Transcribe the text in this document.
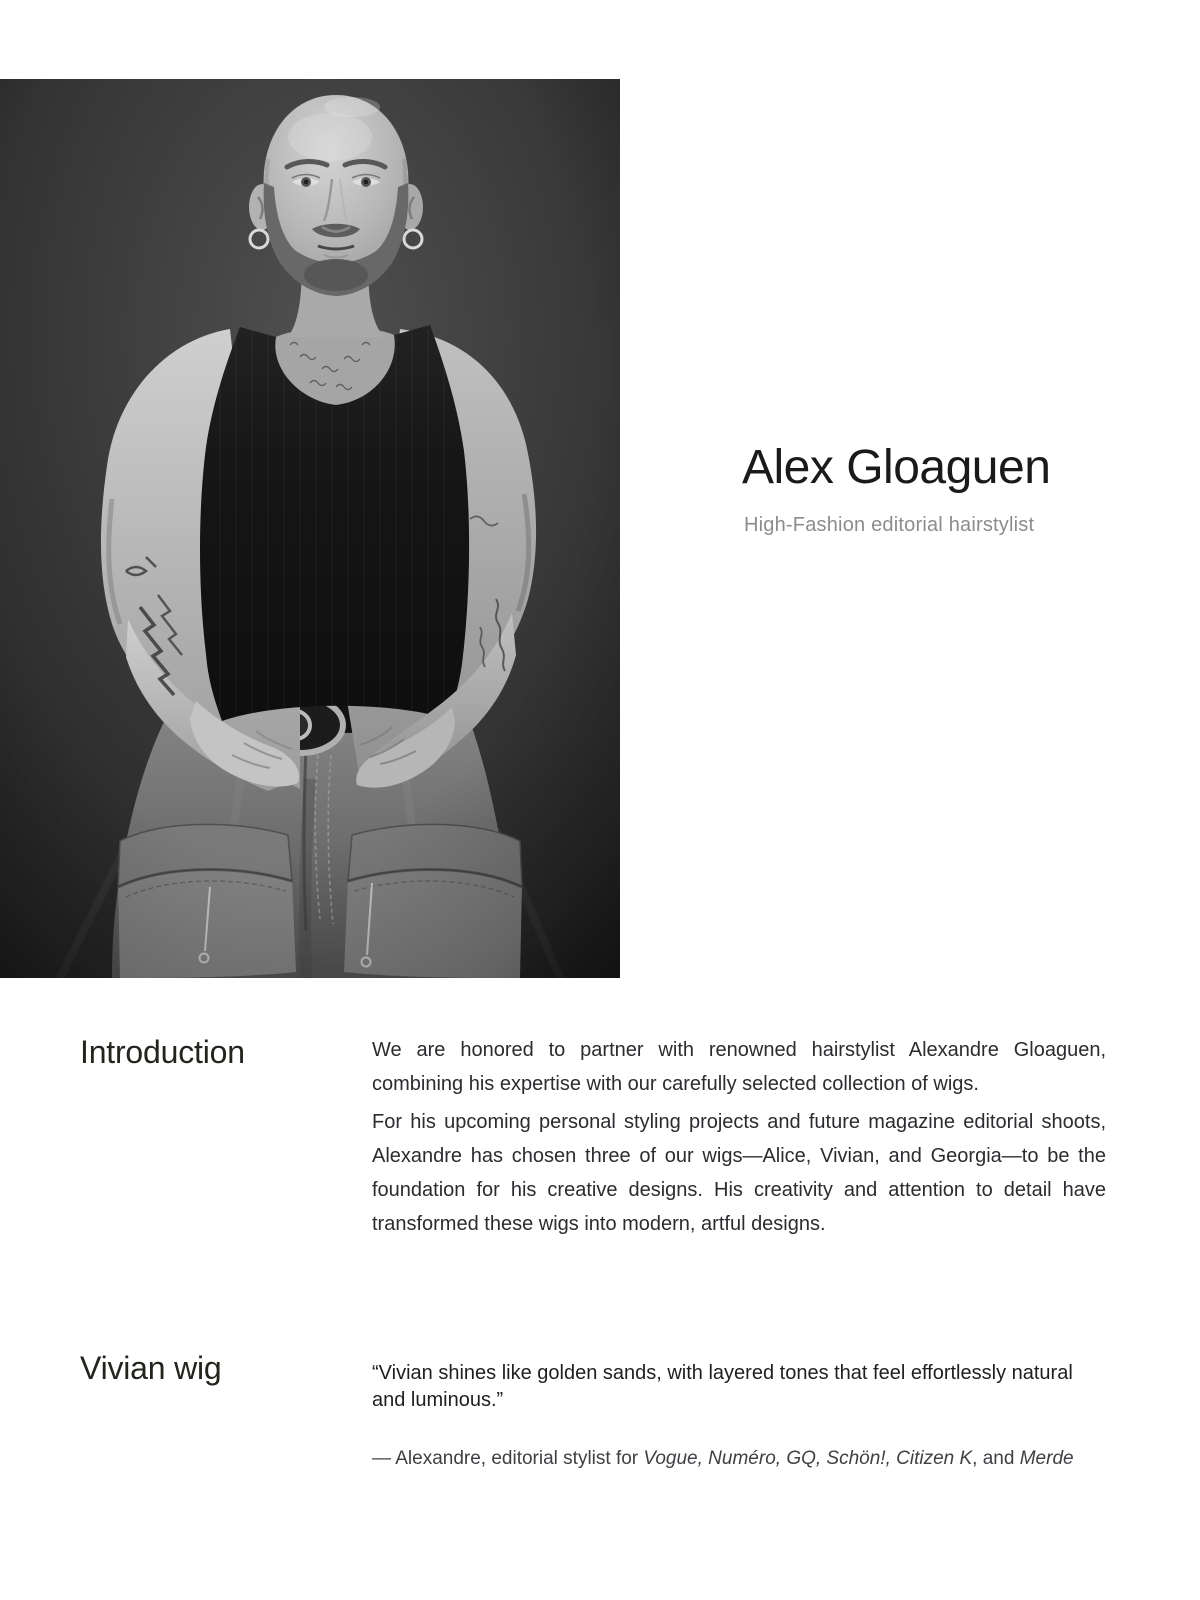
Alex Gloaguen

High-Fashion editorial hairstylist

Introduction	We are honored to partner with renowned hairstylist Alexandre Gloaguen, combining his expertise with our carefully selected collection of wigs.

For his upcoming personal styling projects and future magazine editorial shoots, Alexandre has chosen three of our wigs—Alice, Vivian, and Georgia—to be the foundation for his creative designs. His creativity and attention to detail have transformed these wigs into modern, artful designs.

Vivian wig	“Vivian shines like golden sands, with layered tones that feel effortlessly natural and luminous.”

— Alexandre, editorial stylist for Vogue, Numéro, GQ, Schön!, Citizen K, and Merde
